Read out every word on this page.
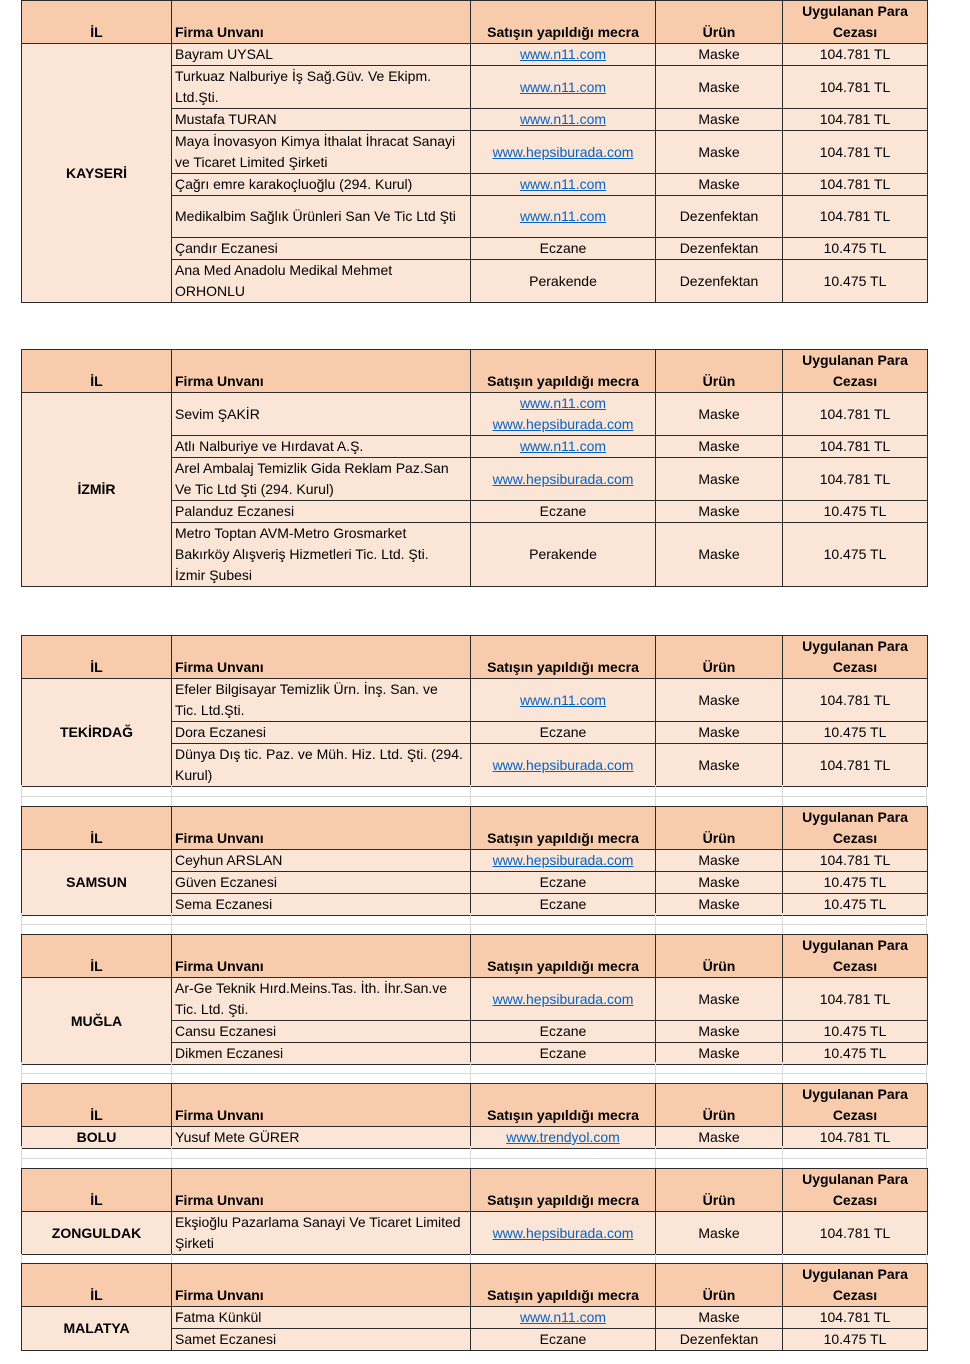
İL	Firma Unvanı	Satışın yapıldığı mecra	Ürün	Uygulanan Para
Cezası
KAYSERİ	Bayram UYSAL	www.n11.com	Maske	104.781 TL
	Turkuaz Nalburiye İş Sağ.Güv. Ve Ekipm.
Ltd.Şti.	www.n11.com	Maske	104.781 TL
	Mustafa TURAN	www.n11.com	Maske	104.781 TL
	Maya İnovasyon Kimya İthalat İhracat Sanayi
ve Ticaret Limited Şirketi	www.hepsiburada.com	Maske	104.781 TL
	Çağrı emre karakoçluoğlu (294. Kurul)	www.n11.com	Maske	104.781 TL
	Medikalbim Sağlık Ürünleri San Ve Tic Ltd Şti	www.n11.com	Dezenfektan	104.781 TL
	Çandır Eczanesi	Eczane	Dezenfektan	10.475 TL
	Ana Med Anadolu Medikal Mehmet
ORHONLU	Perakende	Dezenfektan	10.475 TL
İL	Firma Unvanı	Satışın yapıldığı mecra	Ürün	Uygulanan Para
Cezası
İZMİR	Sevim ŞAKİR	www.n11.com
www.hepsiburada.com	Maske	104.781 TL
	Atlı Nalburiye ve Hırdavat A.Ş.	www.n11.com	Maske	104.781 TL
	Arel Ambalaj Temizlik Gida Reklam Paz.San
Ve Tic Ltd Şti (294. Kurul)	www.hepsiburada.com	Maske	104.781 TL
	Palanduz Eczanesi	Eczane	Maske	10.475 TL
	Metro Toptan AVM-Metro Grosmarket
Bakırköy Alışveriş Hizmetleri Tic. Ltd. Şti.
İzmir Şubesi	Perakende	Maske	10.475 TL
İL	Firma Unvanı	Satışın yapıldığı mecra	Ürün	Uygulanan Para
Cezası
TEKİRDAĞ	Efeler Bilgisayar Temizlik Ürn. İnş. San. ve
Tic. Ltd.Şti.	www.n11.com	Maske	104.781 TL
	Dora Eczanesi	Eczane	Maske	10.475 TL
	Dünya Dış tic. Paz. ve Müh. Hiz. Ltd. Şti. (294.
Kurul)	www.hepsiburada.com	Maske	104.781 TL
İL	Firma Unvanı	Satışın yapıldığı mecra	Ürün	Uygulanan Para
Cezası
SAMSUN	Ceyhun ARSLAN	www.hepsiburada.com	Maske	104.781 TL
	Güven Eczanesi	Eczane	Maske	10.475 TL
	Sema Eczanesi	Eczane	Maske	10.475 TL
İL	Firma Unvanı	Satışın yapıldığı mecra	Ürün	Uygulanan Para
Cezası
MUĞLA	Ar-Ge Teknik Hırd.Meins.Tas. İth. İhr.San.ve
Tic. Ltd. Şti.	www.hepsiburada.com	Maske	104.781 TL
	Cansu Eczanesi	Eczane	Maske	10.475 TL
	Dikmen Eczanesi	Eczane	Maske	10.475 TL
İL	Firma Unvanı	Satışın yapıldığı mecra	Ürün	Uygulanan Para
Cezası
BOLU	Yusuf Mete GÜRER	www.trendyol.com	Maske	104.781 TL
İL	Firma Unvanı	Satışın yapıldığı mecra	Ürün	Uygulanan Para
Cezası
ZONGULDAK	Ekşioğlu Pazarlama Sanayi Ve Ticaret Limited
Şirketi	www.hepsiburada.com	Maske	104.781 TL
İL	Firma Unvanı	Satışın yapıldığı mecra	Ürün	Uygulanan Para
Cezası
MALATYA	Fatma Künkül	www.n11.com	Maske	104.781 TL
	Samet Eczanesi	Eczane	Dezenfektan	10.475 TL
